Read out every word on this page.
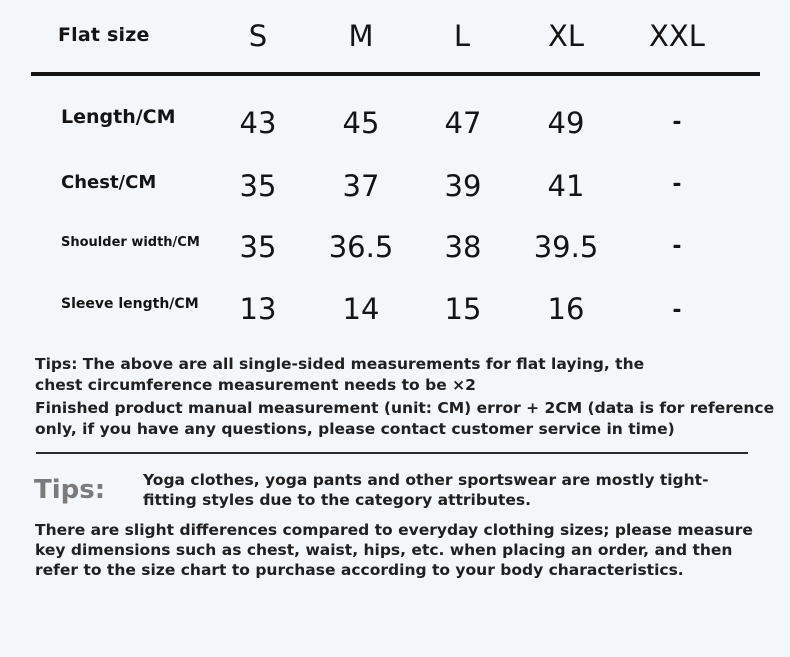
Flat size	S	M	L	XL	XXL
Length/CM	43	45	47	49	-
Chest/CM	35	37	39	41	-
Shoulder width/CM	35	36.5	38	39.5	-
Sleeve length/CM	13	14	15	16	-

Tips: The above are all single-sided measurements for flat laying, the

chest circumference measurement needs to be ×2

Finished product manual measurement (unit: CM) error + 2CM (data is for reference

only, if you have any questions, please contact customer service in time)

Tips: Yoga clothes, yoga pants and other sportswear are mostly tight-fitting styles due to the category attributes.

There are slight differences compared to everyday clothing sizes; please measure key dimensions such as chest, waist, hips, etc. when placing an order, and then refer to the size chart to purchase according to your body characteristics.
